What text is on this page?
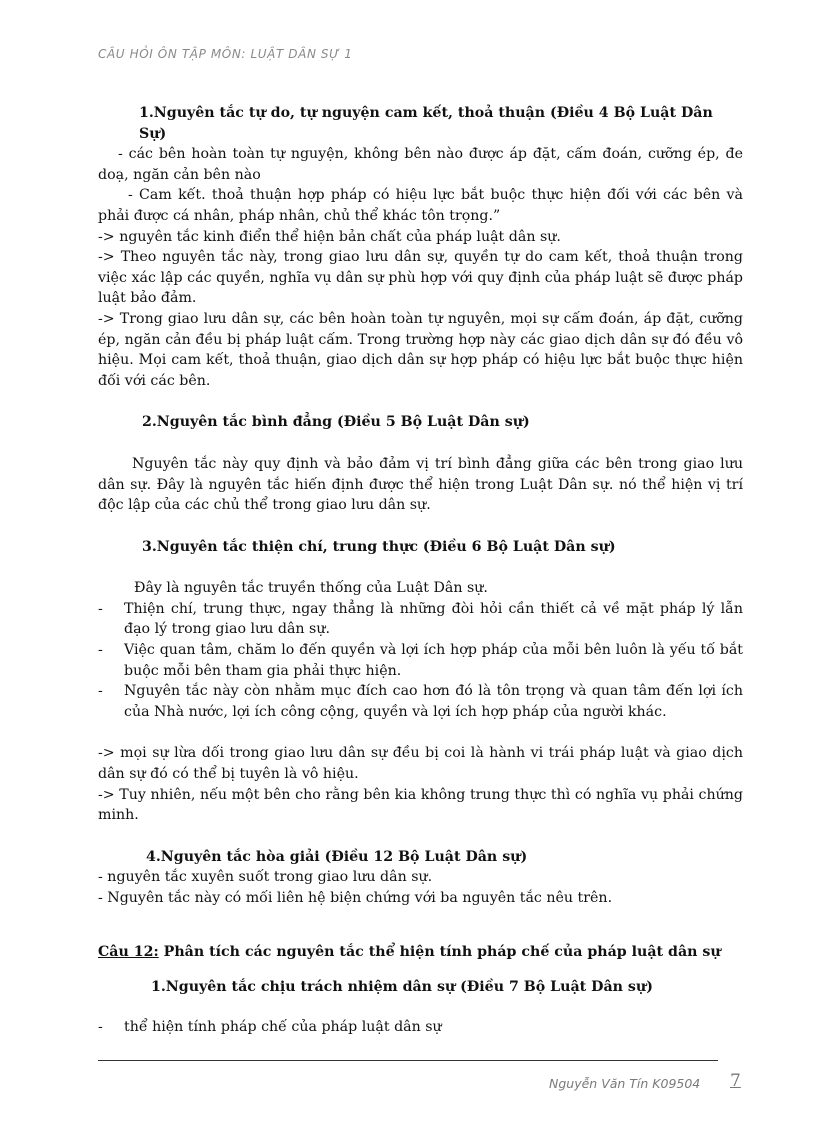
CÂU HỎI ÔN TẬP MÔN: LUẬT DÂN SỰ 1

1.Nguyên tắc tự do, tự nguyện cam kết, thoả thuận (Điều 4 Bộ Luật Dân Sự)

- các bên hoàn toàn tự nguyện, không bên nào được áp đặt, cấm đoán, cưỡng ép, đe doạ, ngăn cản bên nào

- Cam kết. thoả thuận hợp pháp có hiệu lực bắt buộc thực hiện đối với các bên và phải được cá nhân, pháp nhân, chủ thể khác tôn trọng.”

-> nguyên tắc kinh điển thể hiện bản chất của pháp luật dân sự.

-> Theo nguyên tắc này, trong giao lưu dân sự, quyền tự do cam kết, thoả thuận trong việc xác lập các quyền, nghĩa vụ dân sự phù hợp với quy định của pháp luật sẽ được pháp luật bảo đảm.

-> Trong giao lưu dân sự, các bên hoàn toàn tự nguyên, mọi sự cấm đoán, áp đặt, cưỡng ép, ngăn cản đều bị pháp luật cấm. Trong trường hợp này các giao dịch dân sự đó đều vô hiệu. Mọi cam kết, thoả thuận, giao dịch dân sự hợp pháp có hiệu lực bắt buộc thực hiện đối với các bên.

2.Nguyên tắc bình đẳng (Điều 5 Bộ Luật Dân sự)

Nguyên tắc này quy định và bảo đảm vị trí bình đẳng giữa các bên trong giao lưu dân sự. Đây là nguyên tắc hiến định được thể hiện trong Luật Dân sự. nó thể hiện vị trí độc lập của các chủ thể trong giao lưu dân sự.

3.Nguyên tắc thiện chí, trung thực (Điều 6 Bộ Luật Dân sự)

Đây là nguyên tắc truyền thống của Luật Dân sự.

-	Thiện chí, trung thực, ngay thẳng là những đòi hỏi cần thiết cả về mặt pháp lý lẫn đạo lý trong giao lưu dân sự.
-	Việc quan tâm, chăm lo đến quyền và lợi ích hợp pháp của mỗi bên luôn là yếu tố bắt buộc mỗi bên tham gia phải thực hiện.
-	Nguyên tắc này còn nhằm mục đích cao hơn đó là tôn trọng và quan tâm đến lợi ích của Nhà nước, lợi ích công cộng, quyền và lợi ích hợp pháp của người khác.

-> mọi sự lừa dối trong giao lưu dân sự đều bị coi là hành vi trái pháp luật và giao dịch dân sự đó có thể bị tuyên là vô hiệu.

-> Tuy nhiên, nếu một bên cho rằng bên kia không trung thực thì có nghĩa vụ phải chứng minh.

4.Nguyên tắc hòa giải (Điều 12 Bộ Luật Dân sự)

- nguyên tắc xuyên suốt trong giao lưu dân sự.

- Nguyên tắc này có mối liên hệ biện chứng với ba nguyên tắc nêu trên.

Câu 12: Phân tích các nguyên tắc thể hiện tính pháp chế của pháp luật dân sự

1.Nguyên tắc chịu trách nhiệm dân sự (Điều 7 Bộ Luật Dân sự)

-	thể hiện tính pháp chế của pháp luật dân sự
Nguyễn Văn Tín K09504 7
